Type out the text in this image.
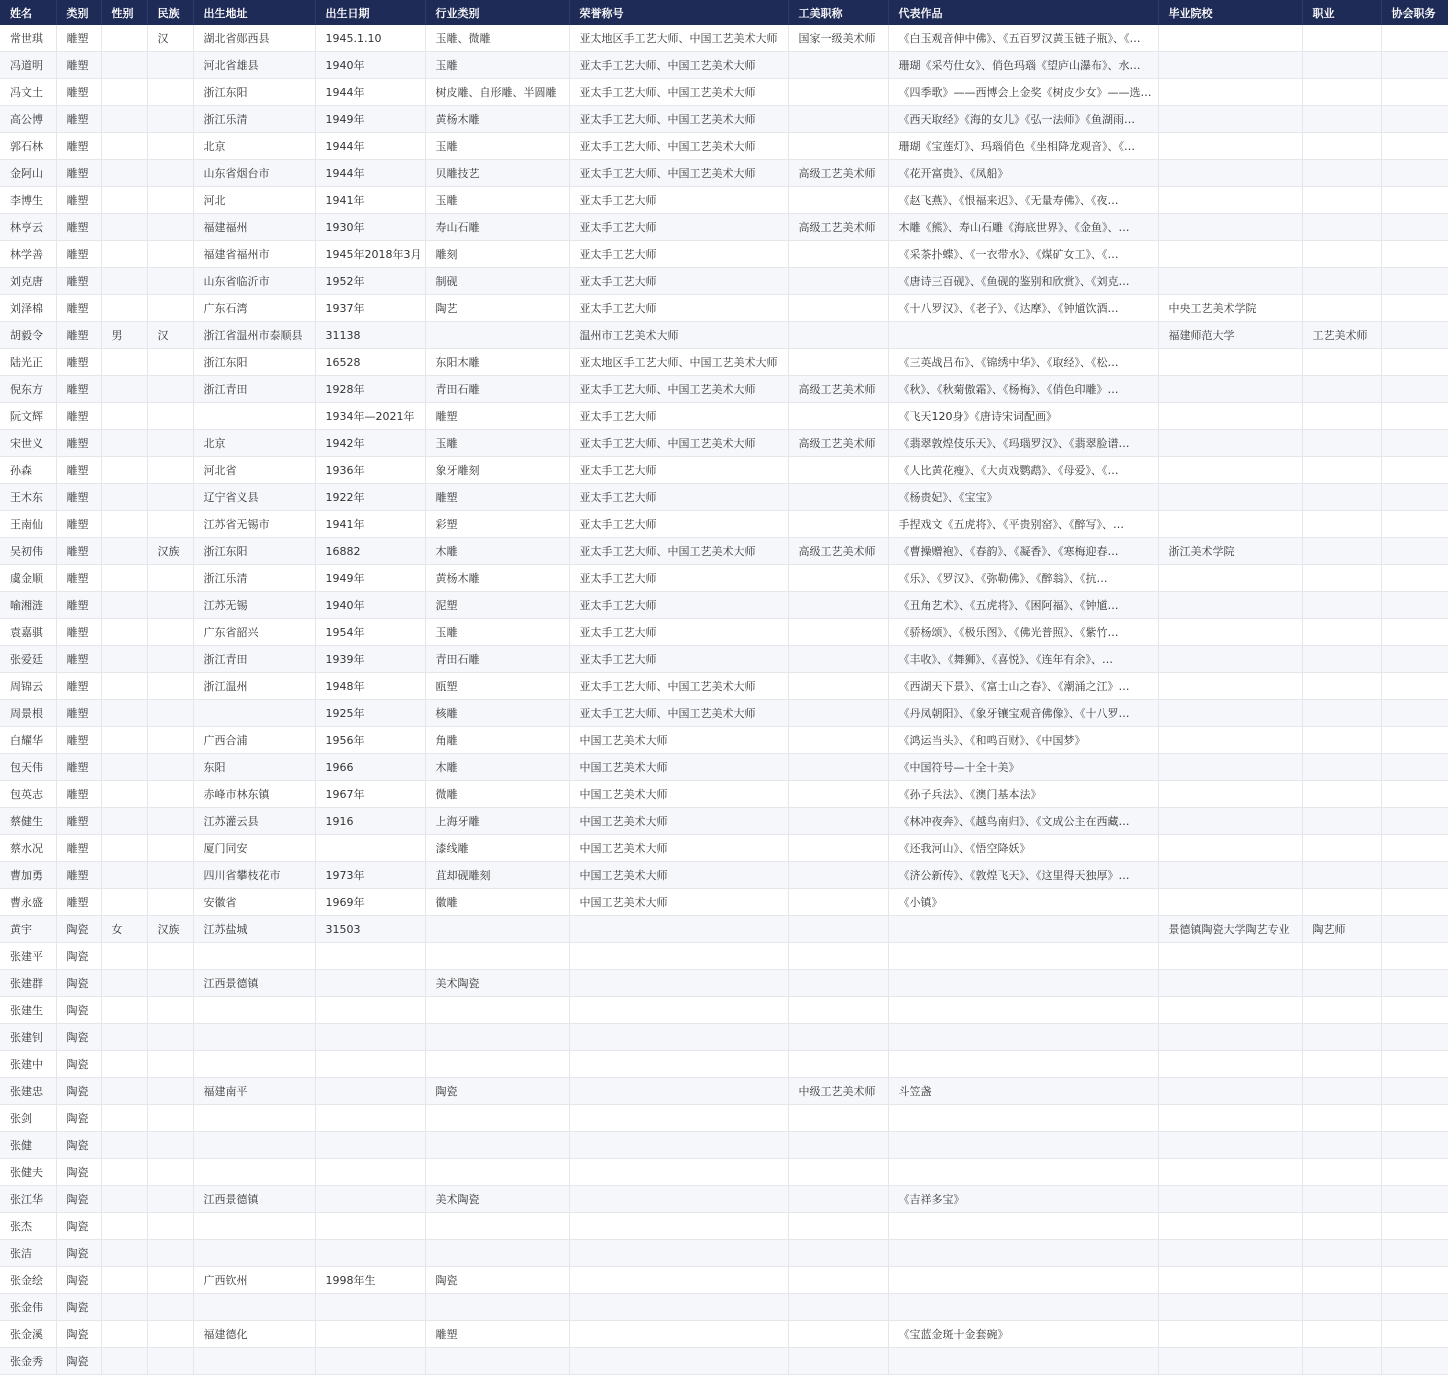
姓名	类别	性别	民族	出生地址	出生日期	行业类别	荣誉称号	工美职称	代表作品	毕业院校	职业	协会职务
常世琪	雕塑		汉	湖北省郧西县	1945.1.10	玉雕、微雕	亚太地区手工艺大师、中国工艺美术大师	国家一级美术师	《白玉观音伸中佛》、《五百罗汉黄玉链子瓶》、《…			
冯道明	雕塑			河北省雄县	1940年	玉雕	亚太手工艺大师、中国工艺美术大师		珊瑚《采芍仕女》、俏色玛瑙《望庐山瀑布》、水…			
冯文土	雕塑			浙江东阳	1944年	树皮雕、自形雕、半圆雕	亚太手工艺大师、中国工艺美术大师		《四季歌》——西博会上金奖《树皮少女》——选…			
高公博	雕塑			浙江乐清	1949年	黄杨木雕	亚太手工艺大师、中国工艺美术大师		《西天取经》《海的女儿》《弘一法师》《鱼湖雨…			
郭石林	雕塑			北京	1944年	玉雕	亚太手工艺大师、中国工艺美术大师		珊瑚《宝莲灯》、玛瑙俏色《坐相降龙观音》、《…			
金阿山	雕塑			山东省烟台市	1944年	贝雕技艺	亚太手工艺大师、中国工艺美术大师	高级工艺美术师	《花开富贵》、《凤船》			
李博生	雕塑			河北	1941年	玉雕	亚太手工艺大师		《赵飞燕》、《恨福来迟》、《无量寿佛》、《夜…			
林亨云	雕塑			福建福州	1930年	寿山石雕	亚太手工艺大师	高级工艺美术师	木雕《熊》、寿山石雕《海底世界》、《金鱼》、…			
林学善	雕塑			福建省福州市	1945年2018年3月	雕刻	亚太手工艺大师		《采茶扑蝶》、《一衣带水》、《煤矿女工》、《…			
刘克唐	雕塑			山东省临沂市	1952年	制砚	亚太手工艺大师		《唐诗三百砚》、《鱼砚的鉴别和欣赏》、《刘克…			
刘泽棉	雕塑			广东石湾	1937年	陶艺	亚太手工艺大师		《十八罗汉》、《老子》、《达摩》、《钟馗饮酒…	中央工艺美术学院		
胡毅令	雕塑	男	汉	浙江省温州市泰顺县	31138		温州市工艺美术大师			福建师范大学	工艺美术师	
陆光正	雕塑			浙江东阳	16528	东阳木雕	亚太地区手工艺大师、中国工艺美术大师		《三英战吕布》、《锦绣中华》、《取经》、《松…			
倪东方	雕塑			浙江青田	1928年	青田石雕	亚太手工艺大师、中国工艺美术大师	高级工艺美术师	《秋》、《秋菊傲霜》、《杨梅》、《俏色印雕》…			
阮文辉	雕塑				1934年—2021年	雕塑	亚太手工艺大师		《飞天120身》《唐诗宋词配画》			
宋世义	雕塑			北京	1942年	玉雕	亚太手工艺大师、中国工艺美术大师	高级工艺美术师	《翡翠敦煌伎乐天》、《玛瑙罗汉》、《翡翠脸谱…			
孙森	雕塑			河北省	1936年	象牙雕刻	亚太手工艺大师		《人比黄花瘦》、《大贞戏鹦鹉》、《母爱》、《…			
王木东	雕塑			辽宁省义县	1922年	雕塑	亚太手工艺大师		《杨贵妃》、《宝宝》			
王南仙	雕塑			江苏省无锡市	1941年	彩塑	亚太手工艺大师		手捏戏文《五虎将》、《平贵别窑》、《醉写》、…			
吴初伟	雕塑		汉族	浙江东阳	16882	木雕	亚太手工艺大师、中国工艺美术大师	高级工艺美术师	《曹操赠袍》、《春韵》、《凝香》、《寒梅迎春…	浙江美术学院		
虞金顺	雕塑			浙江乐清	1949年	黄杨木雕	亚太手工艺大师		《乐》、《罗汉》、《弥勒佛》、《醉翁》、《抗…			
喻湘涟	雕塑			江苏无锡	1940年	泥塑	亚太手工艺大师		《丑角艺术》、《五虎将》、《困阿福》、《钟馗…			
袁嘉骐	雕塑			广东省韶兴	1954年	玉雕	亚太手工艺大师		《骄杨颂》、《极乐图》、《佛光普照》、《紫竹…			
张爱廷	雕塑			浙江青田	1939年	青田石雕	亚太手工艺大师		《丰收》、《舞狮》、《喜悦》、《连年有余》、…			
周锦云	雕塑			浙江温州	1948年	瓯塑	亚太手工艺大师、中国工艺美术大师		《西湖天下景》、《富士山之春》、《潮涌之江》…			
周景根	雕塑				1925年	核雕	亚太手工艺大师、中国工艺美术大师		《丹凤朝阳》、《象牙镶宝观音佛像》、《十八罗…			
白耀华	雕塑			广西合浦	1956年	角雕	中国工艺美术大师		《鸿运当头》、《和鸣百财》、《中国梦》			
包天伟	雕塑			东阳	1966	木雕	中国工艺美术大师		《中国符号—十全十美》			
包英志	雕塑			赤峰市林东镇	1967年	微雕	中国工艺美术大师		《孙子兵法》、《澳门基本法》			
蔡健生	雕塑			江苏灌云县	1916	上海牙雕	中国工艺美术大师		《林冲夜奔》、《越鸟南归》、《文成公主在西藏…			
蔡水况	雕塑			厦门同安		漆线雕	中国工艺美术大师		《还我河山》、《悟空降妖》			
曹加勇	雕塑			四川省攀枝花市	1973年	苴却砚雕刻	中国工艺美术大师		《济公新传》、《敦煌飞天》、《这里得天独厚》…			
曹永盛	雕塑			安徽省	1969年	徽雕	中国工艺美术大师		《小镇》			
黄宇	陶瓷	女	汉族	江苏盐城	31503					景德镇陶瓷大学陶艺专业	陶艺师	
张建平	陶瓷											
张建群	陶瓷			江西景德镇		美术陶瓷						
张建生	陶瓷											
张建钊	陶瓷											
张建中	陶瓷											
张建忠	陶瓷			福建南平		陶瓷		中级工艺美术师	斗笠盏			
张剑	陶瓷											
张健	陶瓷											
张健夫	陶瓷											
张江华	陶瓷			江西景德镇		美术陶瓷			《吉祥多宝》			
张杰	陶瓷											
张洁	陶瓷											
张金绘	陶瓷			广西钦州	1998年生	陶瓷						
张金伟	陶瓷											
张金溪	陶瓷			福建德化		雕塑			《宝蓝金斑十金套碗》			
张金秀	陶瓷											
